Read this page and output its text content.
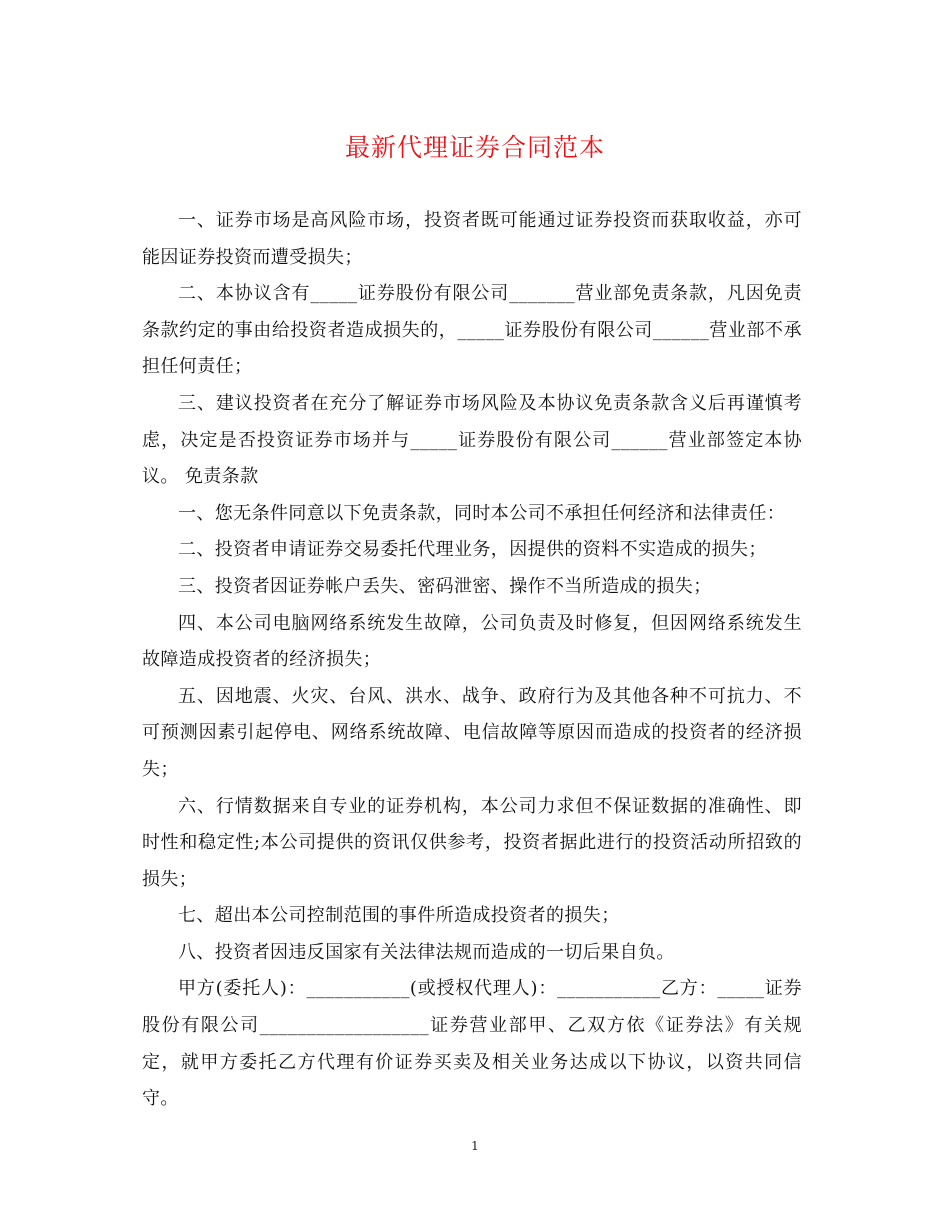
最新代理证券合同范本

一、证券市场是高风险市场，投资者既可能通过证券投资而获取收益，亦可能因证券投资而遭受损失；

二、本协议含有_____证券股份有限公司_______营业部免责条款，凡因免责条款约定的事由给投资者造成损失的，_____证券股份有限公司______营业部不承担任何责任；

三、建议投资者在充分了解证券市场风险及本协议免责条款含义后再谨慎考虑，决定是否投资证券市场并与_____证券股份有限公司______营业部签定本协议。 免责条款

一、您无条件同意以下免责条款，同时本公司不承担任何经济和法律责任：

二、投资者申请证券交易委托代理业务，因提供的资料不实造成的损失；

三、投资者因证券帐户丢失、密码泄密、操作不当所造成的损失；

四、本公司电脑网络系统发生故障，公司负责及时修复，但因网络系统发生故障造成投资者的经济损失；

五、因地震、火灾、台风、洪水、战争、政府行为及其他各种不可抗力、不可预测因素引起停电、网络系统故障、电信故障等原因而造成的投资者的经济损失；

六、行情数据来自专业的证券机构，本公司力求但不保证数据的准确性、即时性和稳定性;本公司提供的资讯仅供参考，投资者据此进行的投资活动所招致的损失；

七、超出本公司控制范围的事件所造成投资者的损失；

八、投资者因违反国家有关法律法规而造成的一切后果自负。

甲方(委托人)：___________(或授权代理人)：___________乙方：_____证券股份有限公司__________________证券营业部甲、乙双方依《证券法》有关规定，就甲方委托乙方代理有价证券买卖及相关业务达成以下协议，以资共同信守。

1
